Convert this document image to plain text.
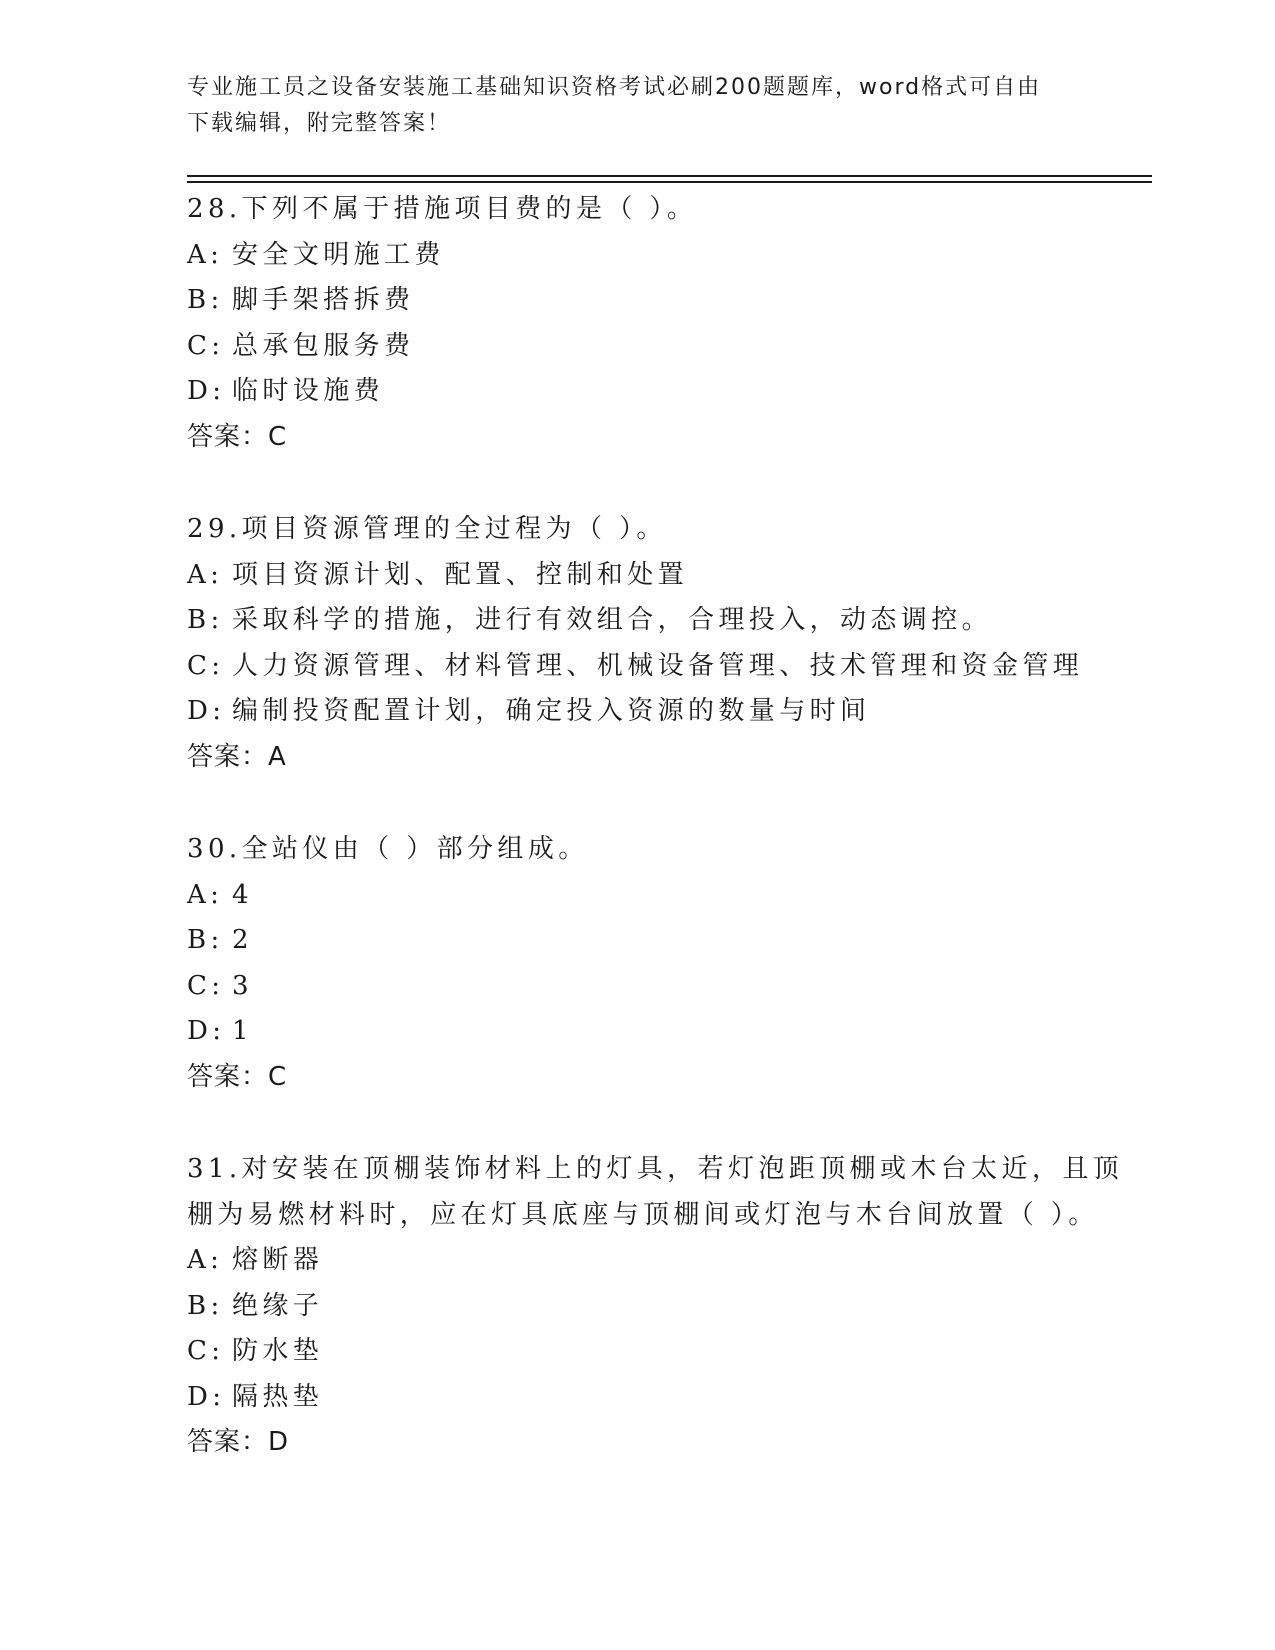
专业施工员之设备安装施工基础知识资格考试必刷200题题库，word格式可自由
下载编辑，附完整答案！
28.下列不属于措施项目费的是（ ）。
A: 安全文明施工费
B: 脚手架搭拆费
C: 总承包服务费
D: 临时设施费
答案：C
29.项目资源管理的全过程为（ ）。
A: 项目资源计划、配置、控制和处置
B: 采取科学的措施，进行有效组合，合理投入，动态调控。
C: 人力资源管理、材料管理、机械设备管理、技术管理和资金管理
D: 编制投资配置计划，确定投入资源的数量与时间
答案：A
30.全站仪由（ ）部分组成。
A: 4
B: 2
C: 3
D: 1
答案：C
31.对安装在顶棚装饰材料上的灯具，若灯泡距顶棚或木台太近，且顶
棚为易燃材料时，应在灯具底座与顶棚间或灯泡与木台间放置（ ）。
A: 熔断器
B: 绝缘子
C: 防水垫
D: 隔热垫
答案：D
